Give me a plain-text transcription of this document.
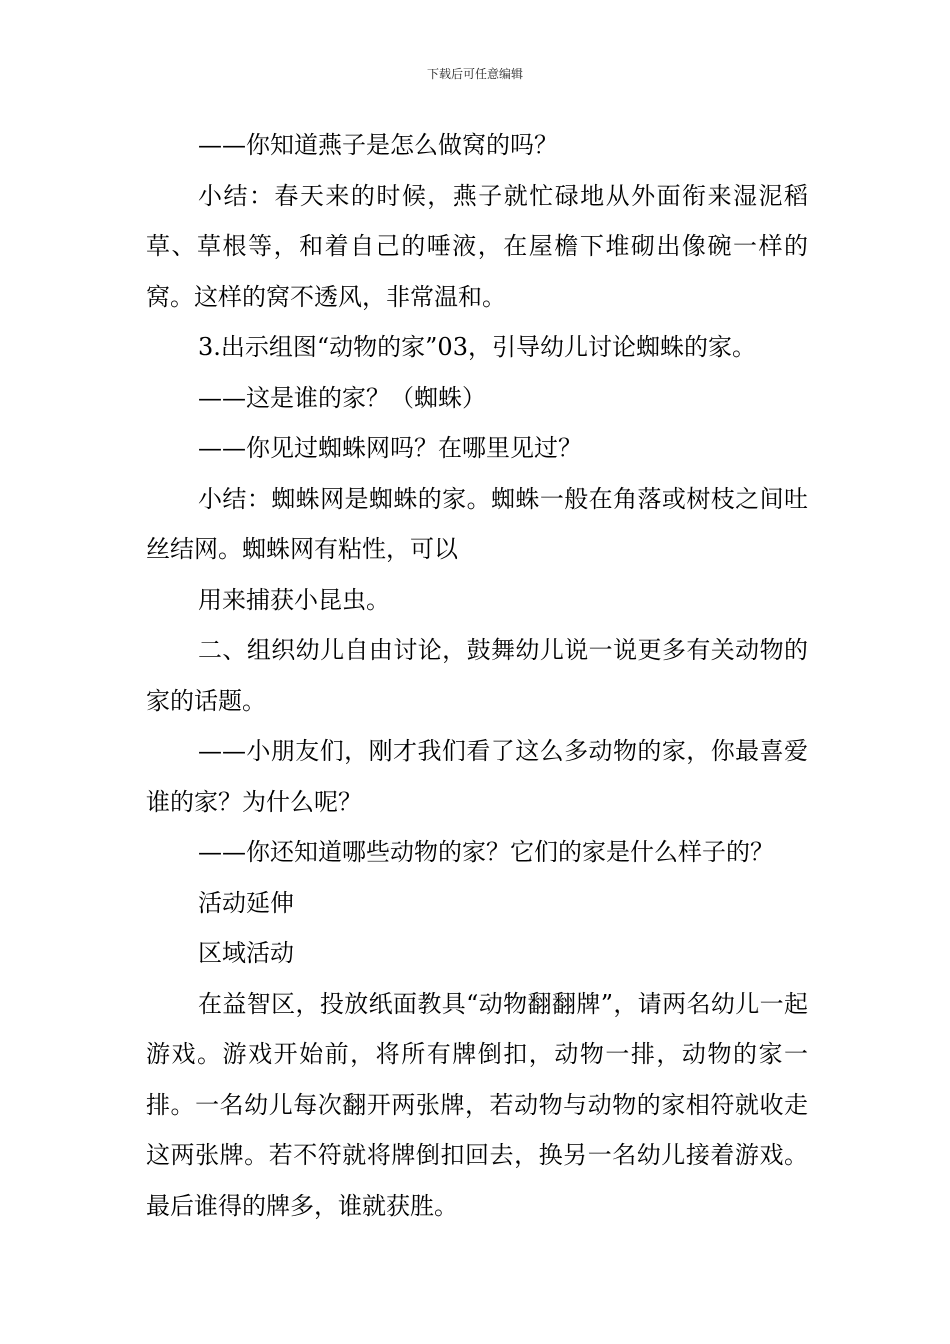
下载后可任意编辑

——你知道燕子是怎么做窝的吗？

小结：春天来的时候，燕子就忙碌地从外面衔来湿泥稻草、草根等，和着自己的唾液，在屋檐下堆砌出像碗一样的窝。这样的窝不透风，非常温和。

3.出示组图“动物的家”03，引导幼儿讨论蜘蛛的家。

——这是谁的家？（蜘蛛）

——你见过蜘蛛网吗？在哪里见过？

小结：蜘蛛网是蜘蛛的家。蜘蛛一般在角落或树枝之间吐丝结网。蜘蛛网有粘性，可以

用来捕获小昆虫。

二、组织幼儿自由讨论，鼓舞幼儿说一说更多有关动物的家的话题。

——小朋友们，刚才我们看了这么多动物的家，你最喜爱谁的家？为什么呢？

——你还知道哪些动物的家？它们的家是什么样子的？

活动延伸

区域活动

在益智区，投放纸面教具“动物翻翻牌”，请两名幼儿一起游戏。游戏开始前，将所有牌倒扣，动物一排，动物的家一排。一名幼儿每次翻开两张牌，若动物与动物的家相符就收走这两张牌。若不符就将牌倒扣回去，换另一名幼儿接着游戏。最后谁得的牌多，谁就获胜。
